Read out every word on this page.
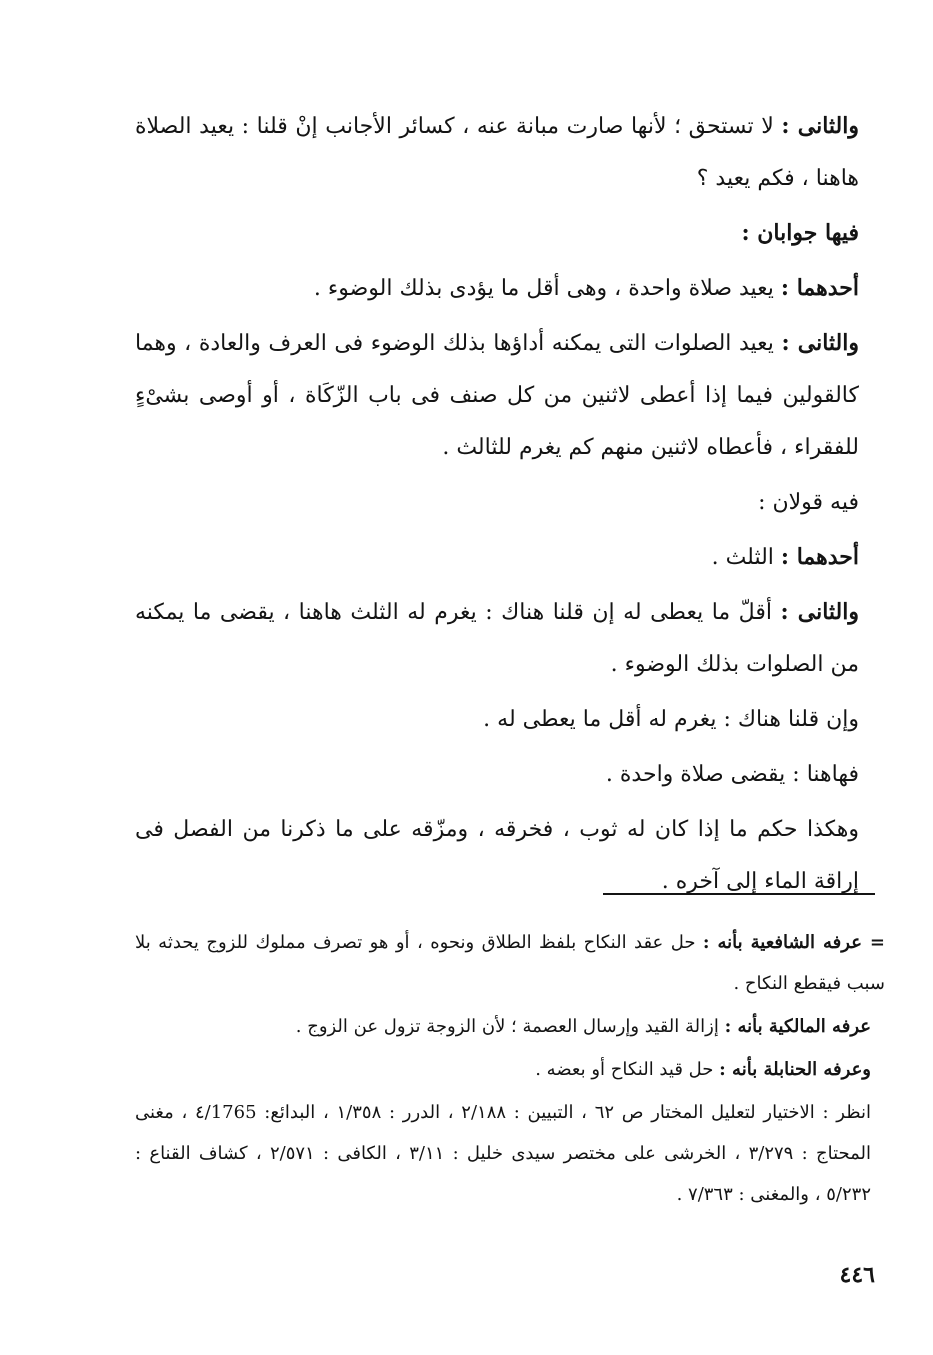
والثانى : لا تستحق ؛ لأنها صارت مبانة عنه ، كسائر الأجانب إنْ قلنا : يعيد الصلاة هاهنا ، فكم يعيد ؟

فيها جوابان :

أحدهما : يعيد صلاة واحدة ، وهى أقل ما يؤدى بذلك الوضوء .

والثانى : يعيد الصلوات التى يمكنه أداؤها بذلك الوضوء فى العرف والعادة ، وهما كالقولين فيما إذا أعطى لاثنين من كل صنف فى باب الزّكَاة ، أو أوصى بشىْءٍ للفقراء ، فأعطاه لاثنين منهم كم يغرم للثالث .

فيه قولان :

أحدهما : الثلث .

والثانى : أقلّ ما يعطى له إن قلنا هناك : يغرم له الثلث هاهنا ، يقضى ما يمكنه من الصلوات بذلك الوضوء .

وإن قلنا هناك : يغرم له أقل ما يعطى له .

فهاهنا : يقضى صلاة واحدة .

وهكذا حكم ما إذا كان له ثوب ، فخرقه ، ومزّقه على ما ذكرنا من الفصل فى إراقة الماء إلى آخره .

= عرفه الشافعية بأنه : حل عقد النكاح بلفظ الطلاق ونحوه ، أو هو تصرف مملوك للزوج يحدثه بلا سبب فيقطع النكاح .

عرفه المالكية بأنه : إزالة القيد وإرسال العصمة ؛ لأن الزوجة تزول عن الزوج .

وعرفه الحنابلة بأنه : حل قيد النكاح أو بعضه .

انظر : الاختيار لتعليل المختار ص ٦٢ ، التبيين : ٢/١٨٨ ، الدرر : ١/٣٥٨ ، البدائع: ٤/1765 ، مغنى المحتاج : ٣/٢٧٩ ، الخرشى على مختصر سيدى خليل : ٣/١١ ، الكافى : ٢/٥٧١ ، كشاف القناع : ٥/٢٣٢ ، والمغنى : ٧/٣٦٣ .

٤٤٦
